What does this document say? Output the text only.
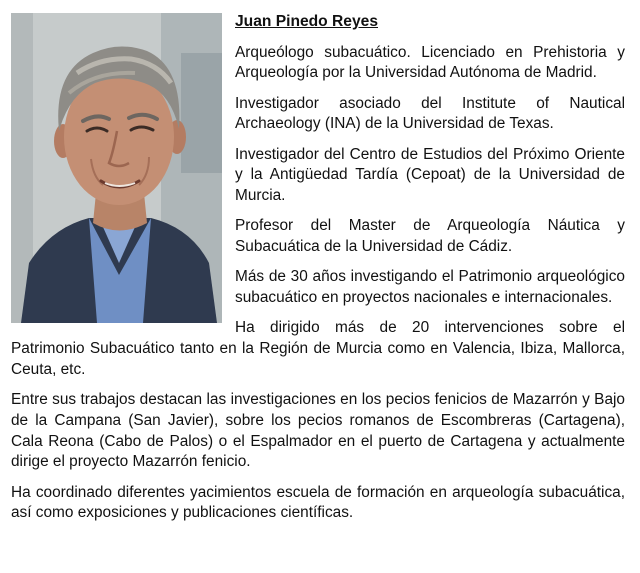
Juan Pinedo Reyes

Arqueólogo subacuático. Licenciado en Prehistoria y Arqueología por la Universidad Autónoma de Madrid.

Investigador asociado del Institute of Nautical Archaeology (INA) de la Universidad de Texas.

Investigador del Centro de Estudios del Próximo Oriente y la Antigüedad Tardía (Cepoat) de la Universidad de Murcia.

Profesor del Master de Arqueología Náutica y Subacuática de la Universidad de Cádiz.

Más de 30 años investigando el Patrimonio arqueológico subacuático en proyectos nacionales e internacionales.

Ha dirigido más de 20 intervenciones sobre el Patrimonio Subacuático tanto en la Región de Murcia como en Valencia, Ibiza, Mallorca, Ceuta, etc.

Entre sus trabajos destacan las investigaciones en los pecios fenicios de Mazarrón y Bajo de la Campana (San Javier), sobre los pecios romanos de Escombreras (Cartagena), Cala Reona (Cabo de Palos) o el Espalmador en el puerto de Cartagena y actualmente dirige el proyecto Mazarrón fenicio.

Ha coordinado diferentes yacimientos escuela de formación en arqueología subacuática, así como exposiciones y publicaciones científicas.
